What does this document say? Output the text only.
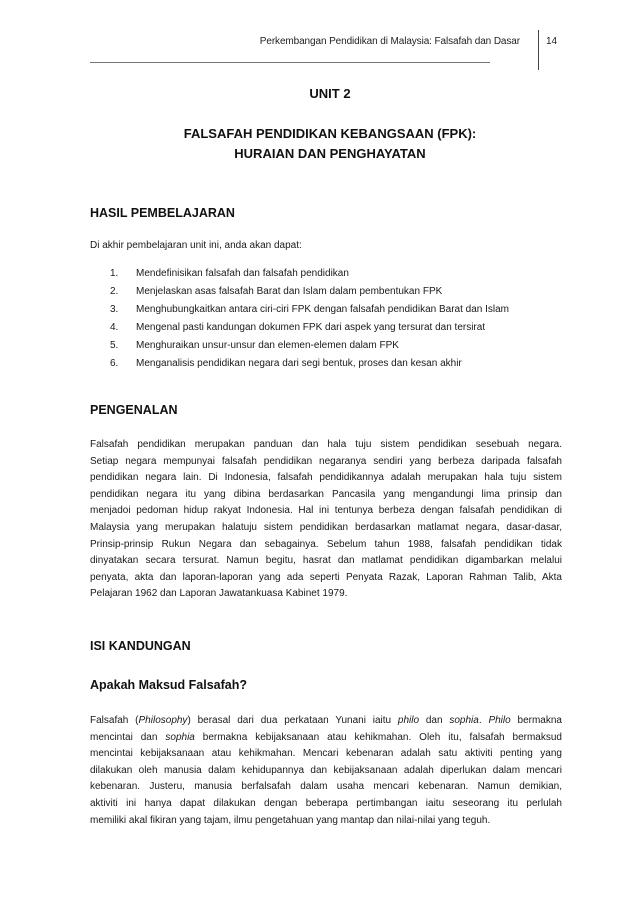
Perkembangan Pendidikan di Malaysia: Falsafah dan Dasar	14
UNIT 2
FALSAFAH PENDIDIKAN KEBANGSAAN (FPK):
HURAIAN DAN PENGHAYATAN
HASIL PEMBELAJARAN
Di akhir pembelajaran unit ini, anda akan dapat:
1.	Mendefinisikan falsafah dan falsafah pendidikan
2.	Menjelaskan asas falsafah Barat dan Islam dalam pembentukan FPK
3.	Menghubungkaitkan antara ciri-ciri FPK dengan falsafah pendidikan Barat dan Islam
4.	Mengenal pasti kandungan dokumen FPK dari aspek yang tersurat dan tersirat
5.	Menghuraikan unsur-unsur dan elemen-elemen dalam FPK
6.	Menganalisis pendidikan negara dari segi bentuk, proses dan kesan akhir
PENGENALAN
Falsafah pendidikan merupakan panduan dan hala tuju sistem pendidikan sesebuah negara.
Setiap negara mempunyai falsafah pendidikan negaranya sendiri yang berbeza daripada falsafah
pendidikan negara lain. Di Indonesia, falsafah pendidikannya adalah merupakan hala tuju sistem
pendidikan negara itu yang dibina berdasarkan Pancasila yang mengandungi lima prinsip dan
menjadoi pedoman hidup rakyat Indonesia. Hal ini tentunya berbeza dengan falsafah pendidikan di
Malaysia yang merupakan halatuju sistem pendidikan berdasarkan matlamat negara, dasar-dasar,
Prinsip-prinsip Rukun Negara dan sebagainya. Sebelum tahun 1988, falsafah pendidikan tidak
dinyatakan secara tersurat. Namun begitu, hasrat dan matlamat pendidikan digambarkan melalui
penyata, akta dan laporan-laporan yang ada seperti Penyata Razak, Laporan Rahman Talib, Akta
Pelajaran 1962 dan Laporan Jawatankuasa Kabinet 1979.
ISI KANDUNGAN
Apakah Maksud Falsafah?
Falsafah (Philosophy) berasal dari dua perkataan Yunani iaitu philo dan sophia. Philo bermakna
mencintai dan sophia bermakna kebijaksanaan atau kehikmahan. Oleh itu, falsafah bermaksud
mencintai kebijaksanaan atau kehikmahan. Mencari kebenaran adalah satu aktiviti penting yang
dilakukan oleh manusia dalam kehidupannya dan kebijaksanaan adalah diperlukan dalam mencari
kebenaran. Justeru, manusia berfalsafah dalam usaha mencari kebenaran. Namun demikian,
aktiviti ini hanya dapat dilakukan dengan beberapa pertimbangan iaitu seseorang itu perlulah
memiliki akal fikiran yang tajam, ilmu pengetahuan yang mantap dan nilai-nilai yang teguh.
